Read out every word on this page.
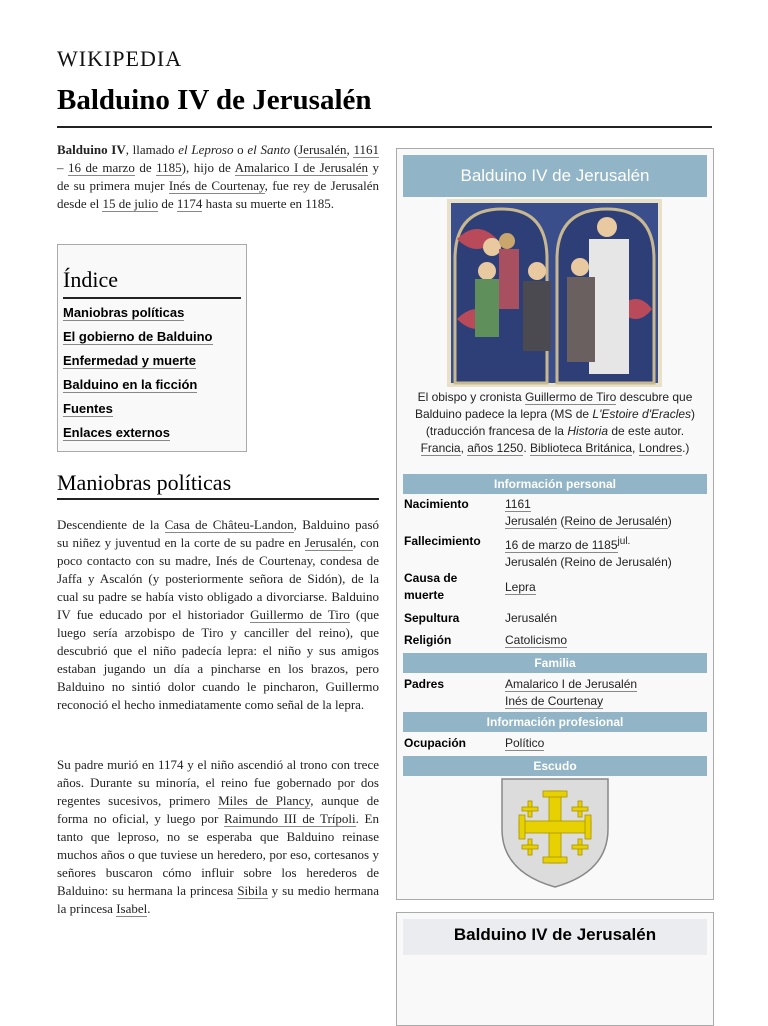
WIKIPEDIA
Balduino IV de Jerusalén

Balduino IV, llamado el Leproso o el Santo (Jerusalén, 1161 – 16 de marzo de 1185), hijo de Amalarico I de Jerusalén y de su primera mujer Inés de Courtenay, fue rey de Jerusalén desde el 15 de julio de 1174 hasta su muerte en 1185.

Índice
Maniobras políticas
El gobierno de Balduino
Enfermedad y muerte
Balduino en la ficción
Fuentes
Enlaces externos
Maniobras políticas

Descendiente de la Casa de Châteu-Landon, Balduino pasó su niñez y juventud en la corte de su padre en Jerusalén, con poco contacto con su madre, Inés de Courtenay, condesa de Jaffa y Ascalón (y posteriormente señora de Sidón), de la cual su padre se había visto obligado a divorciarse. Balduino IV fue educado por el historiador Guillermo de Tiro (que luego sería arzobispo de Tiro y canciller del reino), que descubrió que el niño padecía lepra: el niño y sus amigos estaban jugando un día a pincharse en los brazos, pero Balduino no sintió dolor cuando le pincharon, Guillermo reconoció el hecho inmediatamente como señal de la lepra.

Su padre murió en 1174 y el niño ascendió al trono con trece años. Durante su minoría, el reino fue gobernado por dos regentes sucesivos, primero Miles de Plancy, aunque de forma no oficial, y luego por Raimundo III de Trípoli. En tanto que leproso, no se esperaba que Balduino reinase muchos años o que tuviese un heredero, por eso, cortesanos y señores buscaron cómo influir sobre los herederos de Balduino: su hermana la princesa Sibila y su medio hermana la princesa Isabel.

Balduino IV de Jerusalén
El obispo y cronista Guillermo de Tiro descubre que Balduino padece la lepra (MS de L'Estoire d'Eracles) (traducción francesa de la Historia de este autor. Francia, años 1250. Biblioteca Británica, Londres.)
Información personal
Nacimiento	1161
Jerusalén (Reino de Jerusalén)
Fallecimiento 16 de marzo de $1185^{jul.}$
Jerusalén (Reino de Jerusalén)
Causa de muerte
Lepra
Sepultura	Jerusalén
Religión	Catolicismo
Familia
Padres	Amalarico I de Jerusalén
Inés de Courtenay
Información profesional
Ocupación	Político
Escudo
Balduino IV de Jerusalén
